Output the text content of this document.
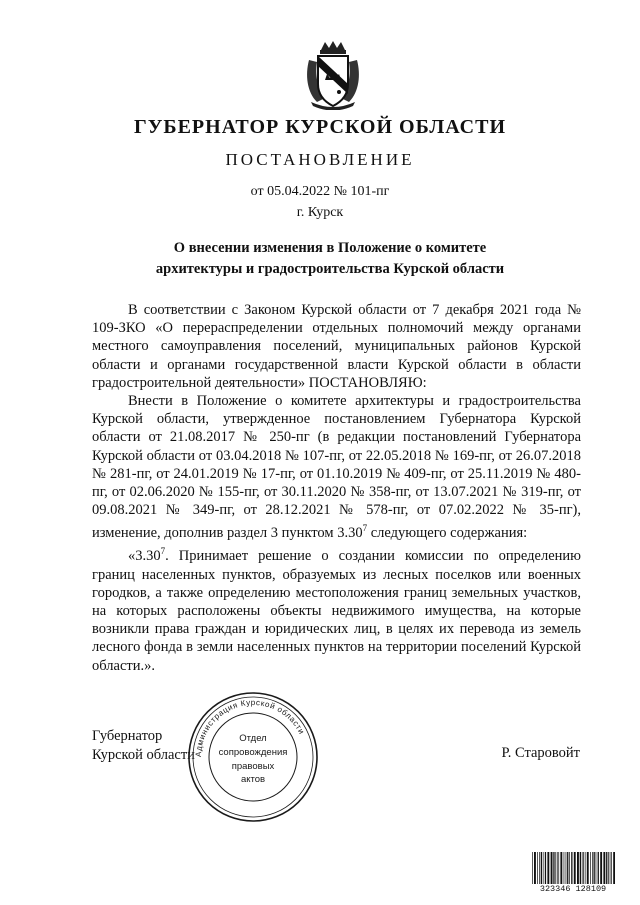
ГУБЕРНАТОР КУРСКОЙ ОБЛАСТИ
ПОСТАНОВЛЕНИЕ
от 05.04.2022 № 101-пг
г. Курск
О внесении изменения в Положение о комитете
архитектуры и градостроительства Курской области

В соответствии с Законом Курской области от 7 декабря 2021 года № 109-ЗКО «О перераспределении отдельных полномочий между органами местного самоуправления поселений, муниципальных районов Курской области и органами государственной власти Курской области в области градостроительной деятельности» ПОСТАНОВЛЯЮ:

Внести в Положение о комитете архитектуры и градостроительства Курской области, утвержденное постановлением Губернатора Курской области от 21.08.2017 № 250-пг (в редакции постановлений Губернатора Курской области от 03.04.2018 № 107-пг, от 22.05.2018 № 169-пг, от 26.07.2018 № 281-пг, от 24.01.2019 № 17-пг, от 01.10.2019 № 409-пг, от 25.11.2019 № 480-пг, от 02.06.2020 № 155-пг, от 30.11.2020 № 358-пг, от 13.07.2021 № 319-пг, от 09.08.2021 № 349-пг, от 28.12.2021 № 578-пг, от 07.02.2022 № 35-пг), изменение, дополнив раздел 3 пунктом 3.30$^7$ следующего содержания:

«3.30$^7$. Принимает решение о создании комиссии по определению границ населенных пунктов, образуемых из лесных поселков или военных городков, а также определению местоположения границ земельных участков, на которых расположены объекты недвижимого имущества, на которые возникли права граждан и юридических лиц, в целях их перевода из земель лесного фонда в земли населенных пунктов на территории поселений Курской области.».

Губернатор
Курской области	Р. Старовойт
Администрация Курской области
Отдел
сопровождения
правовых
актов
323346 128109
